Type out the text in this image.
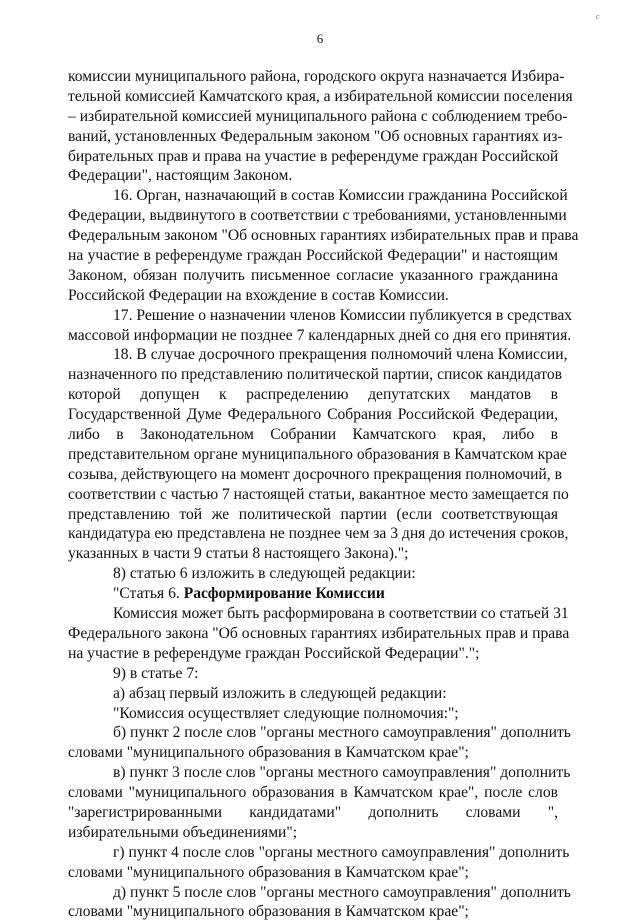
c
6
комиссии муниципального района, городского округа назначается Избира-
тельной комиссией Камчатского края, а избирательной комиссии поселения
– избирательной комиссией муниципального района с соблюдением требо-
ваний, установленных Федеральным законом "Об основных гарантиях из-
бирательных прав и права на участие в референдуме граждан Российской
Федерации", настоящим Законом.
16. Орган, назначающий в состав Комиссии гражданина Российской
Федерации, выдвинутого в соответствии с требованиями, установленными
Федеральным законом "Об основных гарантиях избирательных прав и права
на участие в референдуме граждан Российской Федерации" и настоящим
Законом, обязан получить письменное согласие указанного гражданина
Российской Федерации на вхождение в состав Комиссии.
17. Решение о назначении членов Комиссии публикуется в средствах
массовой информации не позднее 7 календарных дней со дня его принятия.
18. В случае досрочного прекращения полномочий члена Комиссии,
назначенного по представлению политической партии, список кандидатов
которой допущен к распределению депутатских мандатов в
Государственной Думе Федерального Собрания Российской Федерации,
либо в Законодательном Собрании Камчатского края, либо в
представительном органе муниципального образования в Камчатском крае
созыва, действующего на момент досрочного прекращения полномочий, в
соответствии с частью 7 настоящей статьи, вакантное место замещается по
представлению той же политической партии (если соответствующая
кандидатура ею представлена не позднее чем за 3 дня до истечения сроков,
указанных в части 9 статьи 8 настоящего Закона).";
8) статью 6 изложить в следующей редакции:
"Статья 6. Расформирование Комиссии
Комиссия может быть расформирована в соответствии со статьей 31
Федерального закона "Об основных гарантиях избирательных прав и права
на участие в референдуме граждан Российской Федерации".";
9) в статье 7:
а) абзац первый изложить в следующей редакции:
"Комиссия осуществляет следующие полномочия:";
б) пункт 2 после слов "органы местного самоуправления" дополнить
словами "муниципального образования в Камчатском крае";
в) пункт 3 после слов "органы местного самоуправления" дополнить
словами "муниципального образования в Камчатском крае", после слов
"зарегистрированными кандидатами" дополнить словами ",
избирательными объединениями";
г) пункт 4 после слов "органы местного самоуправления" дополнить
словами "муниципального образования в Камчатском крае";
д) пункт 5 после слов "органы местного самоуправления" дополнить
словами "муниципального образования в Камчатском крае";
